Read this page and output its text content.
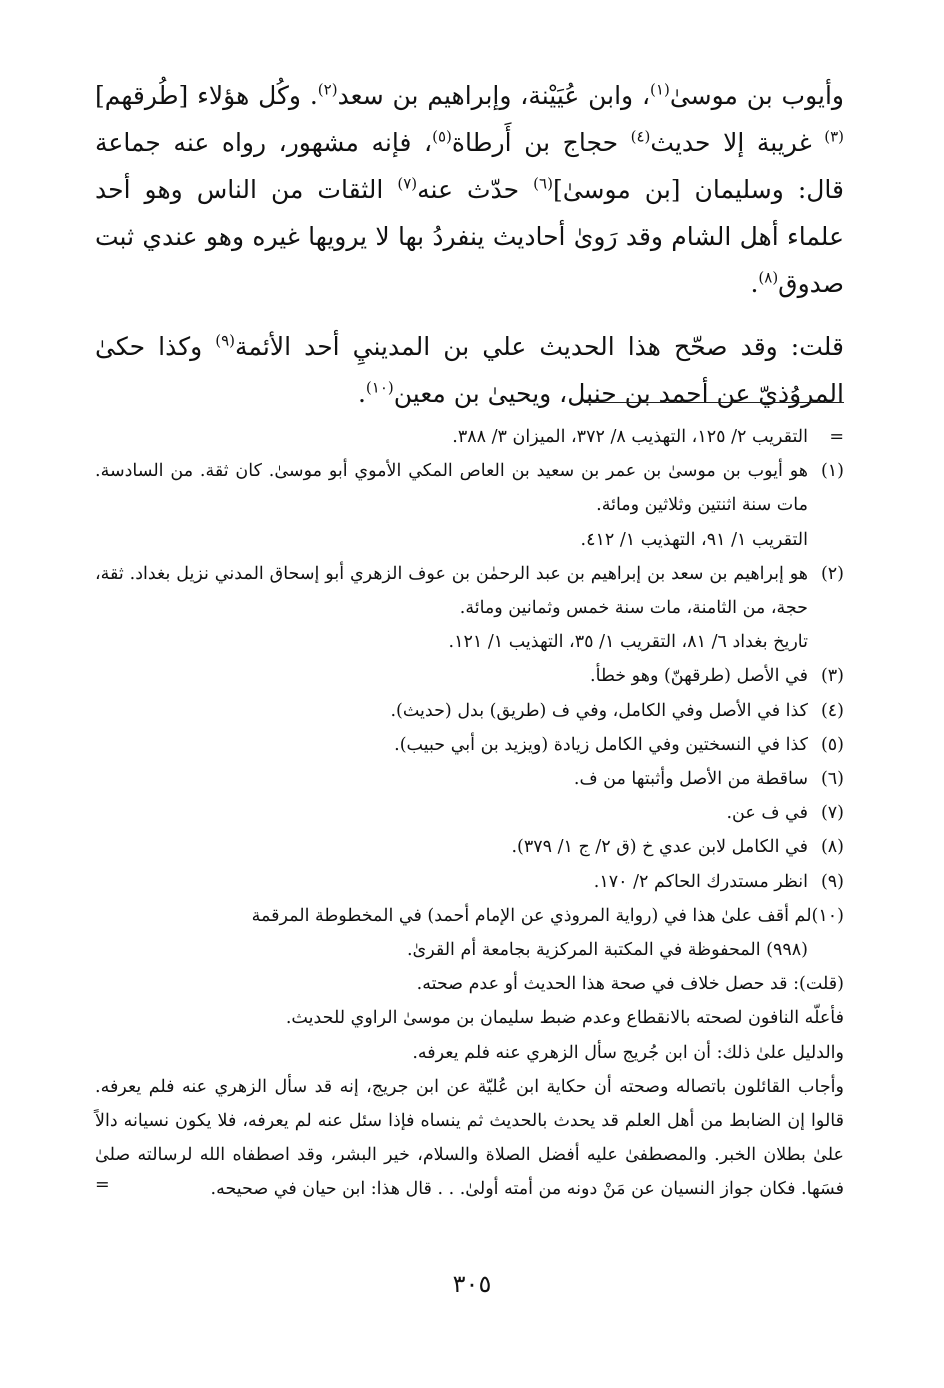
وأيوب بن موسىٰ$^{(١)}$، وابن عُيَيْنة، وإبراهيم بن سعد$^{(٢)}$. وكُل هؤلاء [طُرقهم]$^{(٣)}$ غريبة إلا حديث$^{(٤)}$ حجاج بن أَرطاة$^{(٥)}$، فإنه مشهور، رواه عنه جماعة قال: وسليمان [بن موسىٰ]$^{(٦)}$ حدّث عنه$^{(٧)}$ الثقات من الناس وهو أحد علماء أهل الشام وقد رَوىٰ أحاديث ينفردُ بها لا يرويها غيره وهو عندي ثبت صدوق$^{(٨)}$.

قلت: وقد صحّح هذا الحديث علي بن المدينيِ أحد الأئمة$^{(٩)}$ وكذا حكىٰ المروُذيّ عن أحمد بن حنبل، ويحيىٰ بن معين$^{(١٠)}$.

=
التقريب ٢/ ١٢٥، التهذيب ٨/ ٣٧٢، الميزان ٣/ ٣٨٨.
(١)
هو أيوب بن موسىٰ بن عمر بن سعيد بن العاص المكي الأموي أبو موسىٰ. كان ثقة. من السادسة. مات سنة اثنتين وثلاثين ومائة.
التقريب ١/ ٩١، التهذيب ١/ ٤١٢.
(٢)
هو إبراهيم بن سعد بن إبراهيم بن عبد الرحمٰن بن عوف الزهري أبو إسحاق المدني نزيل بغداد. ثقة، حجة، من الثامنة، مات سنة خمس وثمانين ومائة.
تاريخ بغداد ٦/ ٨١، التقريب ١/ ٣٥، التهذيب ١/ ١٢١.
(٣)
في الأصل (طرقهنّ) وهو خطأ.
(٤)
كذا في الأصل وفي الكامل، وفي ف (طريق) بدل (حديث).
(٥)
كذا في النسختين وفي الكامل زيادة (ويزيد بن أبي حبيب).
(٦)
ساقطة من الأصل وأثبتها من ف.
(٧)
في ف عن.
(٨)
في الكامل لابن عدي خ (ق ٢/ ج ١/ ٣٧٩).
(٩)
انظر مستدرك الحاكم ٢/ ١٧٠.
(١٠)لم أقف علىٰ هذا في (رواية المروذي عن الإمام أحمد) في المخطوطة المرقمة
(٩٩٨) المحفوظة في المكتبة المركزية بجامعة أم القرىٰ.
(قلت): قد حصل خلاف في صحة هذا الحديث أو عدم صحته.
فأعلّه النافون لصحته بالانقطاع وعدم ضبط سليمان بن موسىٰ الراوي للحديث.
والدليل علىٰ ذلك: أن ابن جُريج سأل الزهري عنه فلم يعرفه.
وأجاب القائلون باتصاله وصحته أن حكاية ابن عُليّة عن ابن جريج، إنه قد سأل الزهري عنه فلم يعرفه. قالوا إن الضابط من أهل العلم قد يحدث بالحديث ثم ينساه فإذا سئل عنه لم يعرفه، فلا يكون نسيانه دالاً علىٰ بطلان الخبر. والمصطفىٰ عليه أفضل الصلاة والسلام، خير البشر، وقد اصطفاه الله لرسالته صلىٰ فسَها. فكان جواز النسيان عن مَنْ دونه من أمته أولىٰ. . . قال هذا: ابن حيان في صحيحه.
=
٣٠٥
